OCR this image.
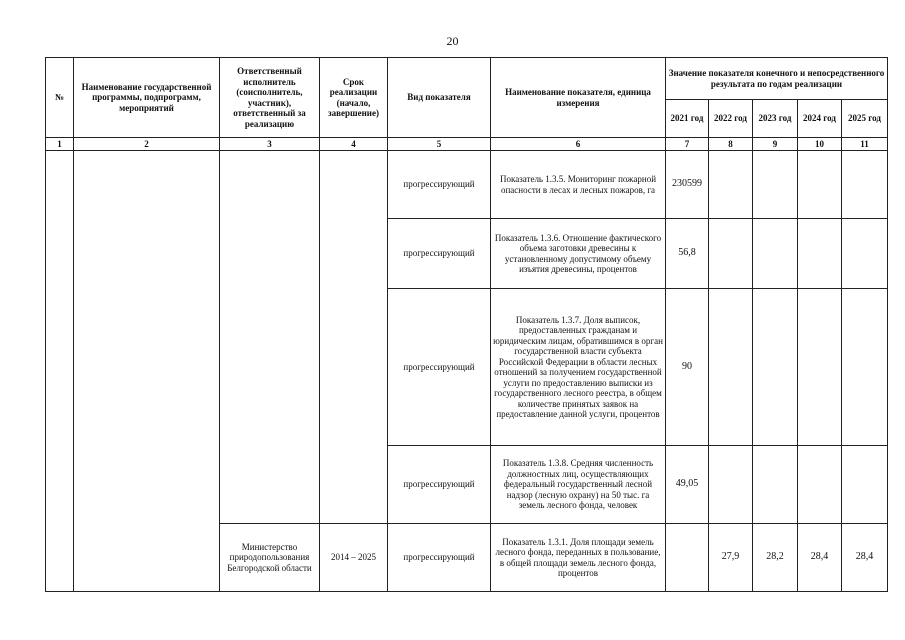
20
№	Наименование государственной программы, подпрограмм, мероприятий	Ответственный исполнитель (соисполнитель, участник), ответственный за реализацию	Срок реализации (начало, завершение)	Вид показателя	Наименование показателя, единица измерения	Значение показателя конечного и непосредственного результата по годам реализации				
						2021 год	2022 год	2023 год	2024 год	2025 год
1	2	3	4	5	6	7	8	9	10	11
				прогрессирующий	Показатель 1.3.5. Мониторинг пожарной опасности в лесах и лесных пожаров, га	230599				
				прогрессирующий	Показатель 1.3.6. Отношение фактического объема заготовки древесины к установленному допустимому объему изъятия древесины, процентов	56,8				
				прогрессирующий	Показатель 1.3.7. Доля выписок, предоставленных гражданам и юридическим лицам, обратившимся в орган государственной власти субъекта Российской Федерации в области лесных отношений за получением государственной услуги по предоставлению выписки из государственного лесного реестра, в общем количестве принятых заявок на предоставление данной услуги, процентов	90				
				прогрессирующий	Показатель 1.3.8. Средняя численность должностных лиц, осуществляющих федеральный государственный лесной надзор (лесную охрану) на 50 тыс. га земель лесного фонда, человек	49,05				
		Министерство природопользования Белгородской области	2014 – 2025	прогрессирующий	Показатель 1.3.1. Доля площади земель лесного фонда, переданных в пользование, в общей площади земель лесного фонда, процентов		27,9	28,2	28,4	28,4
